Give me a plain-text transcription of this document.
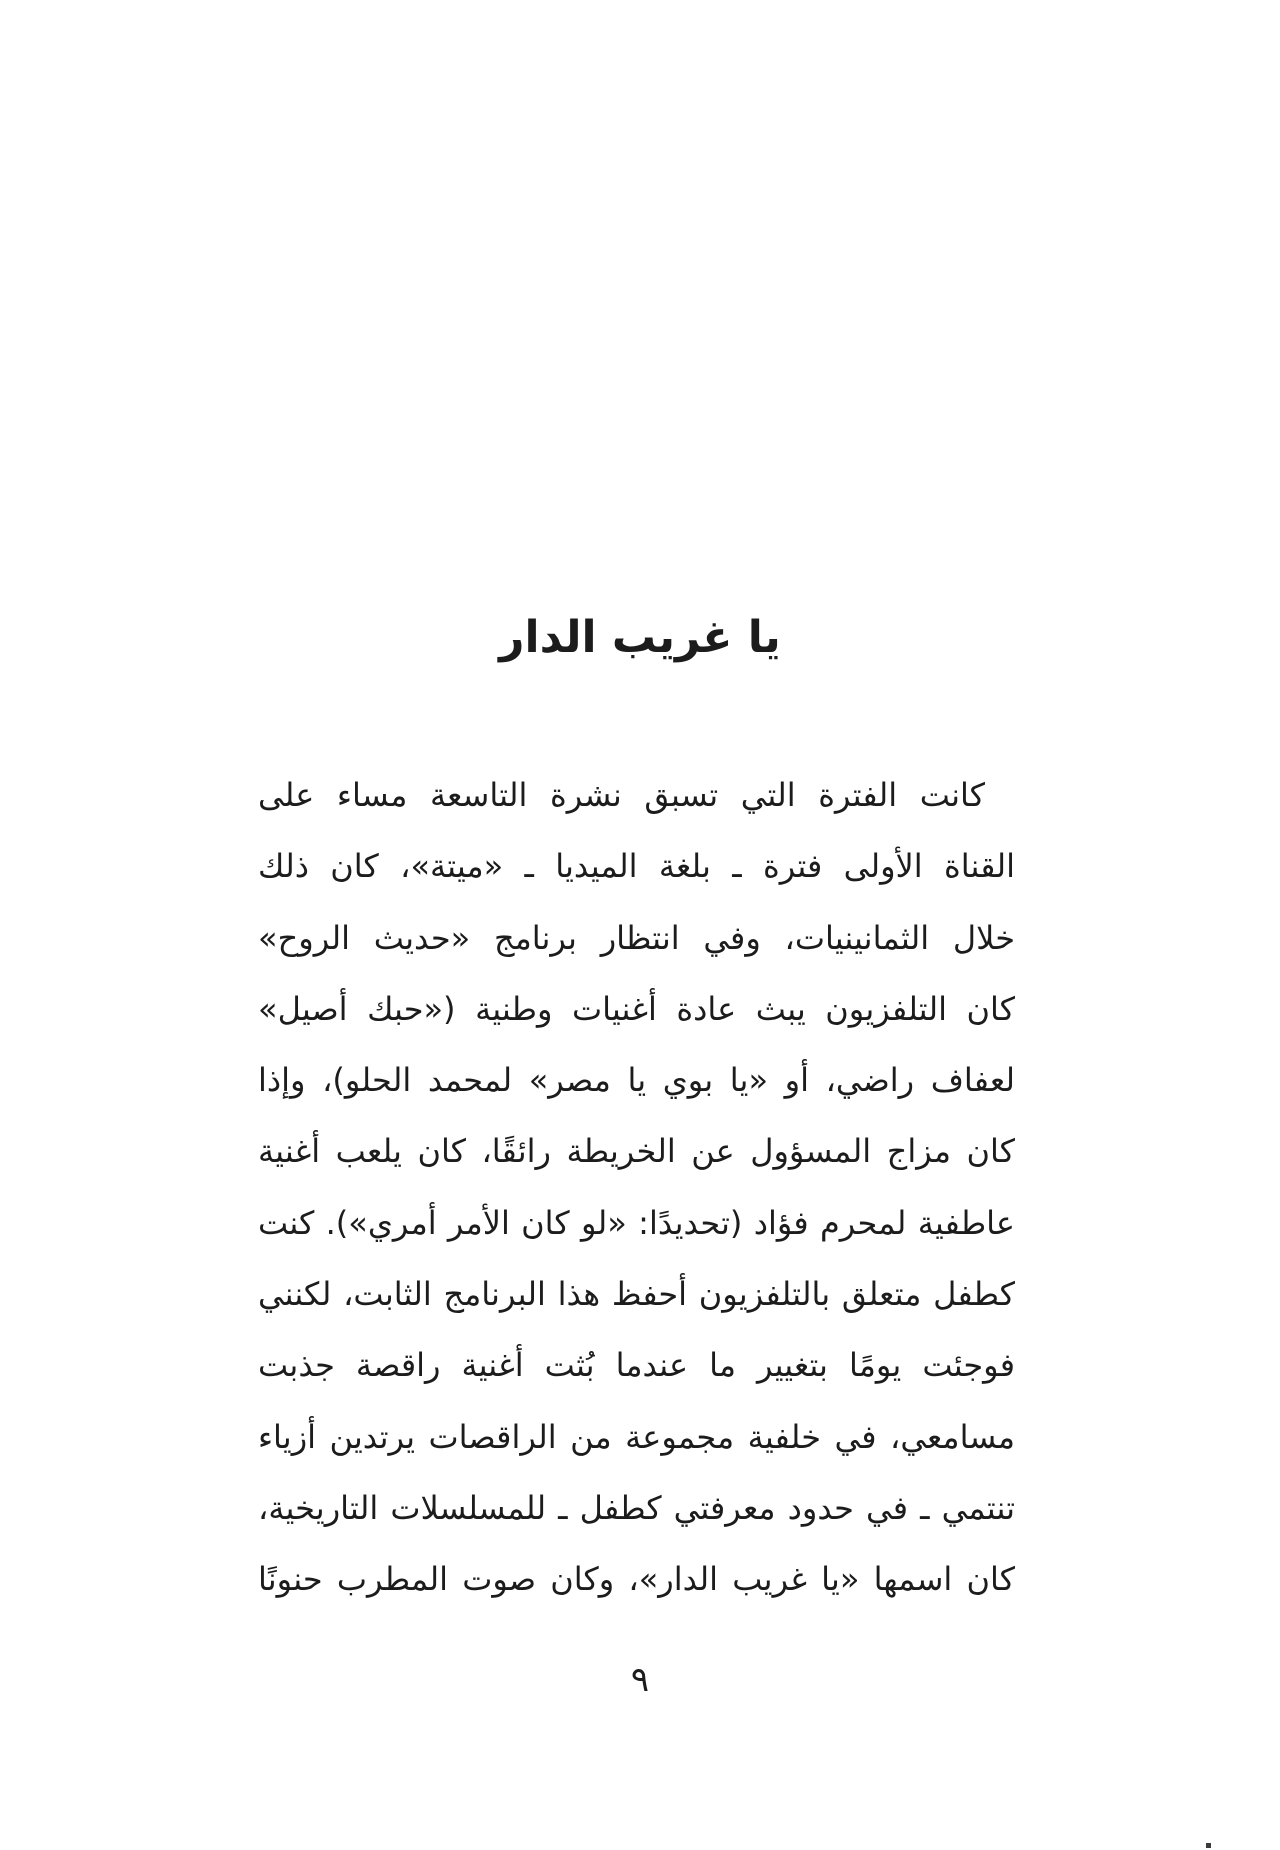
يا غريب الدار
كانت الفترة التي تسبق نشرة التاسعة مساء على
القناة الأولى فترة ـ بلغة الميديا ـ «ميتة»، كان ذلك
خلال الثمانينيات، وفي انتظار برنامج «حديث الروح»
كان التلفزيون يبث عادة أغنيات وطنية («حبك أصيل»
لعفاف راضي، أو «يا بوي يا مصر» لمحمد الحلو)، وإذا
كان مزاج المسؤول عن الخريطة رائقًا، كان يلعب أغنية
عاطفية لمحرم فؤاد (تحديدًا: «لو كان الأمر أمري»). كنت
كطفل متعلق بالتلفزيون أحفظ هذا البرنامج الثابت، لكنني
فوجئت يومًا بتغيير ما عندما بُثت أغنية راقصة جذبت
مسامعي، في خلفية مجموعة من الراقصات يرتدين أزياء
تنتمي ـ في حدود معرفتي كطفل ـ للمسلسلات التاريخية،
كان اسمها «يا غريب الدار»، وكان صوت المطرب حنونًا
٩
